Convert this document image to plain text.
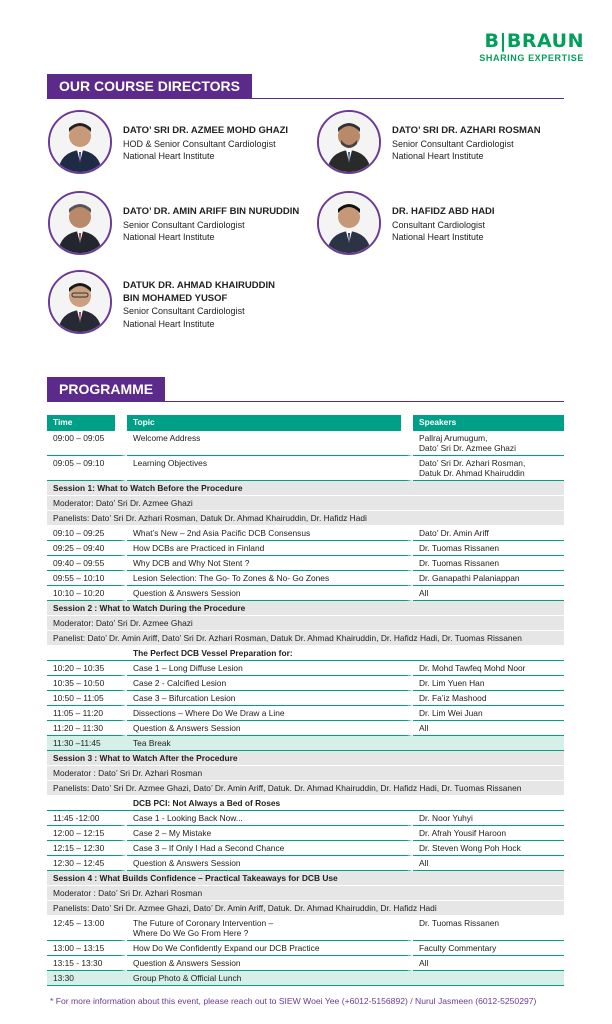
B|BRAUN
SHARING EXPERTISE
OUR COURSE DIRECTORS
DATO’ SRI DR. AZMEE MOHD GHAZI
HOD & Senior Consultant Cardiologist
National Heart Institute
DATO’ SRI DR. AZHARI ROSMAN
Senior Consultant Cardiologist
National Heart Institute
DATO’ DR. AMIN ARIFF BIN NURUDDIN
Senior Consultant Cardiologist
National Heart Institute
DR. HAFIDZ ABD HADI
Consultant Cardiologist
National Heart Institute
DATUK DR. AHMAD KHAIRUDDIN
BIN MOHAMED YUSOF
Senior Consultant Cardiologist
National Heart Institute
PROGRAMME
Time	Topic	Speakers
09:00 – 09:05	Welcome Address	Pallraj Arumugum,
Dato’ Sri Dr. Azmee Ghazi

09:05 – 09:10	Learning Objectives	Dato’ Sri Dr. Azhari Rosman,
Datuk Dr. Ahmad Khairuddin

Session 1: What to Watch Before the Procedure		
Moderator: Dato’ Sri Dr. Azmee Ghazi		
Panelists: Dato’ Sri Dr. Azhari Rosman, Datuk Dr. Ahmad Khairuddin, Dr. Hafidz Hadi		
09:10 – 09:25	What’s New – 2nd Asia Pacific DCB Consensus	Dato’ Dr. Amin Ariff
09:25 – 09:40	How DCBs are Practiced in Finland	Dr. Tuomas Rissanen
09:40 – 09:55	Why DCB and Why Not Stent ?	Dr. Tuomas Rissanen
09:55 – 10:10	Lesion Selection: The Go- To Zones & No- Go Zones	Dr. Ganapathi Palaniappan
10:10 – 10:20	Question & Answers Session	All
Session 2 : What to Watch During the Procedure		
Moderator: Dato’ Sri Dr. Azmee Ghazi		
Panelist: Dato’ Dr. Amin Ariff, Dato’ Sri Dr. Azhari Rosman, Datuk Dr. Ahmad Khairuddin, Dr. Hafidz Hadi, Dr. Tuomas Rissanen		
	The Perfect DCB Vessel Preparation for:	
10:20 – 10:35	Case 1 – Long Diffuse Lesion	Dr. Mohd Tawfeq Mohd Noor
10:35 – 10:50	Case 2 - Calcified Lesion	Dr. Lim Yuen Han
10:50 – 11:05	Case 3 – Bifurcation Lesion	Dr. Fa’iz Mashood
11:05 – 11:20	Dissections – Where Do We Draw a Line	Dr. Lim Wei Juan
11:20 – 11:30	Question & Answers Session	All
11:30 –11:45	Tea Break	
Session 3 : What to Watch After the Procedure		
Moderator : Dato’ Sri Dr. Azhari Rosman		
Panelists: Dato’ Sri Dr. Azmee Ghazi, Dato’ Dr. Amin Ariff, Datuk. Dr. Ahmad Khairuddin, Dr. Hafidz Hadi, Dr. Tuomas Rissanen		
	DCB PCI: Not Always a Bed of Roses	
11:45 -12:00	Case 1 - Looking Back Now...	Dr. Noor Yuhyi
12:00 – 12:15	Case 2 – My Mistake	Dr. Afrah Yousif Haroon
12:15 – 12:30	Case 3 – If Only I Had a Second Chance	Dr. Steven Wong Poh Hock
12:30 – 12:45	Question & Answers Session	All
Session 4 : What Builds Confidence – Practical Takeaways for DCB Use		
Moderator : Dato’ Sri Dr. Azhari Rosman		
Panelists: Dato’ Sri Dr. Azmee Ghazi, Dato’ Dr. Amin Ariff, Datuk. Dr. Ahmad Khairuddin, Dr. Hafidz Hadi		
12:45 – 13:00	The Future of Coronary Intervention –
Where Do We Go From Here ?	Dr. Tuomas Rissanen

13:00 – 13:15	How Do We Confidently Expand our DCB Practice	Faculty Commentary
13:15 - 13:30	Question & Answers Session	All
13:30	Group Photo & Official Lunch	
* For more information about this event, please reach out to SIEW Woei Yee (+6012-5156892) / Nurul Jasmeen (6012-5250297)
